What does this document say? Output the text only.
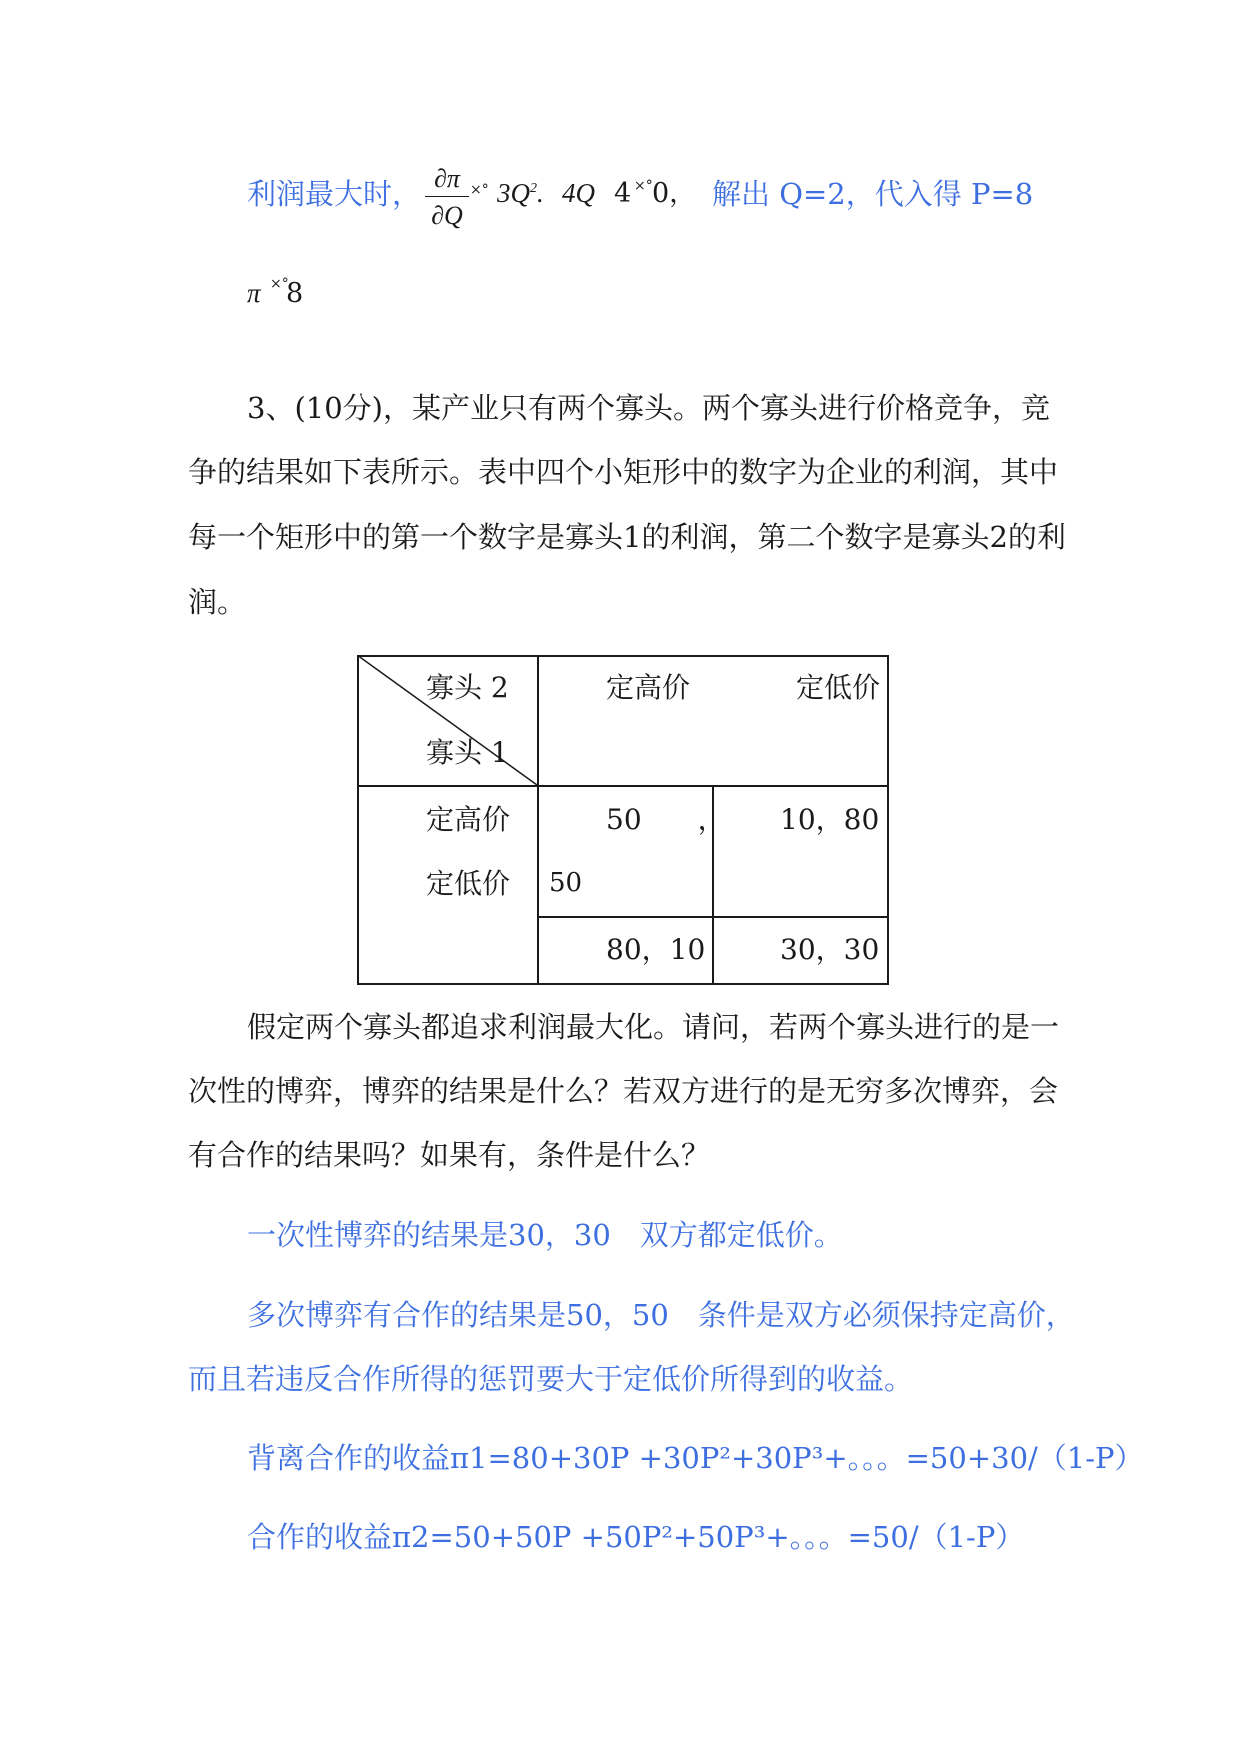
利润最大时， ∂π
∂Q
×° $3Q^2$. 4Q 4 ×° 0， 解出 Q=2，代入得 P=8
π ×°
8
3、(10分)，某产业只有两个寡头。两个寡头进行价格竞争，竞
争的结果如下表所示。表中四个小矩形中的数字为企业的利润，其中
每一个矩形中的第一个数字是寡头1的利润，第二个数字是寡头2的利
润。
寡头 2
寡头 1
定高价	定低价
定高价
定低价
50　　，
50
10，80
80，10	30，30
假定两个寡头都追求利润最大化。请问，若两个寡头进行的是一
次性的博弈，博弈的结果是什么？若双方进行的是无穷多次博弈，会
有合作的结果吗？如果有，条件是什么？
一次性博弈的结果是30，30　双方都定低价。
多次博弈有合作的结果是50，50　条件是双方必须保持定高价，
而且若违反合作所得的惩罚要大于定低价所得到的收益。
背离合作的收益π1=80+30P +30P²+30P³+。。。=50+30/（1-P）
合作的收益π2=50+50P +50P²+50P³+。。。=50/（1-P）
